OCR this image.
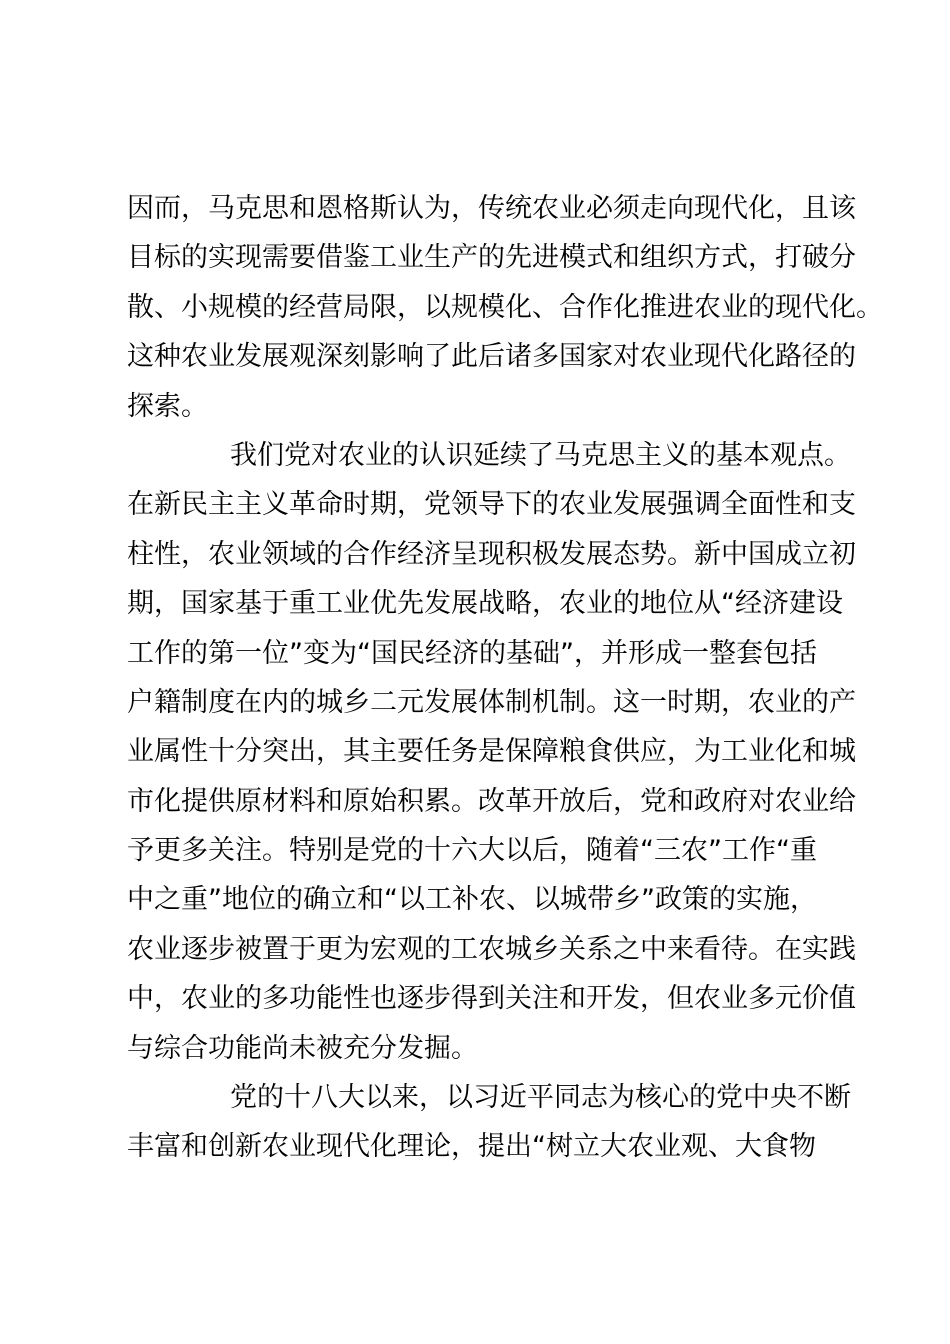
因而，马克思和恩格斯认为，传统农业必须走向现代化，且该
目标的实现需要借鉴工业生产的先进模式和组织方式，打破分
散、小规模的经营局限，以规模化、合作化推进农业的现代化。
这种农业发展观深刻影响了此后诸多国家对农业现代化路径的
探索。
我们党对农业的认识延续了马克思主义的基本观点。
在新民主主义革命时期，党领导下的农业发展强调全面性和支
柱性，农业领域的合作经济呈现积极发展态势。新中国成立初
期，国家基于重工业优先发展战略，农业的地位从“经济建设
工作的第一位”变为“国民经济的基础”，并形成一整套包括
户籍制度在内的城乡二元发展体制机制。这一时期，农业的产
业属性十分突出，其主要任务是保障粮食供应，为工业化和城
市化提供原材料和原始积累。改革开放后，党和政府对农业给
予更多关注。特别是党的十六大以后，随着“三农”工作“重
中之重”地位的确立和“以工补农、以城带乡”政策的实施，
农业逐步被置于更为宏观的工农城乡关系之中来看待。在实践
中，农业的多功能性也逐步得到关注和开发，但农业多元价值
与综合功能尚未被充分发掘。
党的十八大以来，以习近平同志为核心的党中央不断
丰富和创新农业现代化理论，提出“树立大农业观、大食物
